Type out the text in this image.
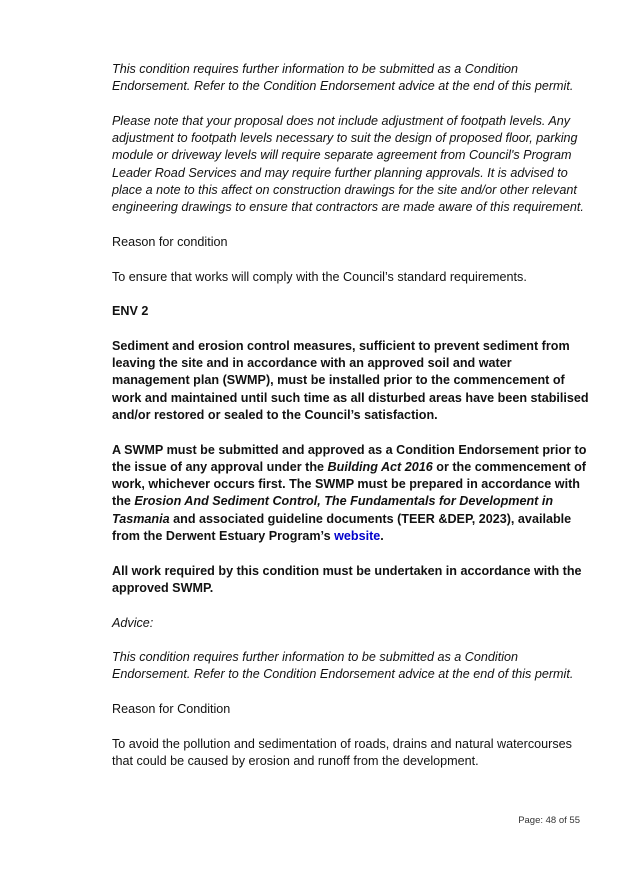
This condition requires further information to be submitted as a Condition Endorsement. Refer to the Condition Endorsement advice at the end of this permit.

Please note that your proposal does not include adjustment of footpath levels. Any adjustment to footpath levels necessary to suit the design of proposed floor, parking module or driveway levels will require separate agreement from Council's Program Leader Road Services and may require further planning approvals. It is advised to place a note to this affect on construction drawings for the site and/or other relevant engineering drawings to ensure that contractors are made aware of this requirement.

Reason for condition

To ensure that works will comply with the Council’s standard requirements.

ENV 2

Sediment and erosion control measures, sufficient to prevent sediment from leaving the site and in accordance with an approved soil and water management plan (SWMP), must be installed prior to the commencement of work and maintained until such time as all disturbed areas have been stabilised and/or restored or sealed to the Council’s satisfaction.

A SWMP must be submitted and approved as a Condition Endorsement prior to the issue of any approval under the Building Act 2016 or the commencement of work, whichever occurs first. The SWMP must be prepared in accordance with the Erosion And Sediment Control, The Fundamentals for Development in Tasmania and associated guideline documents (TEER &DEP, 2023), available from the Derwent Estuary Program’s website.

All work required by this condition must be undertaken in accordance with the approved SWMP.

Advice:

This condition requires further information to be submitted as a Condition Endorsement. Refer to the Condition Endorsement advice at the end of this permit.

Reason for Condition

To avoid the pollution and sedimentation of roads, drains and natural watercourses that could be caused by erosion and runoff from the development.

Page: 48 of 55
